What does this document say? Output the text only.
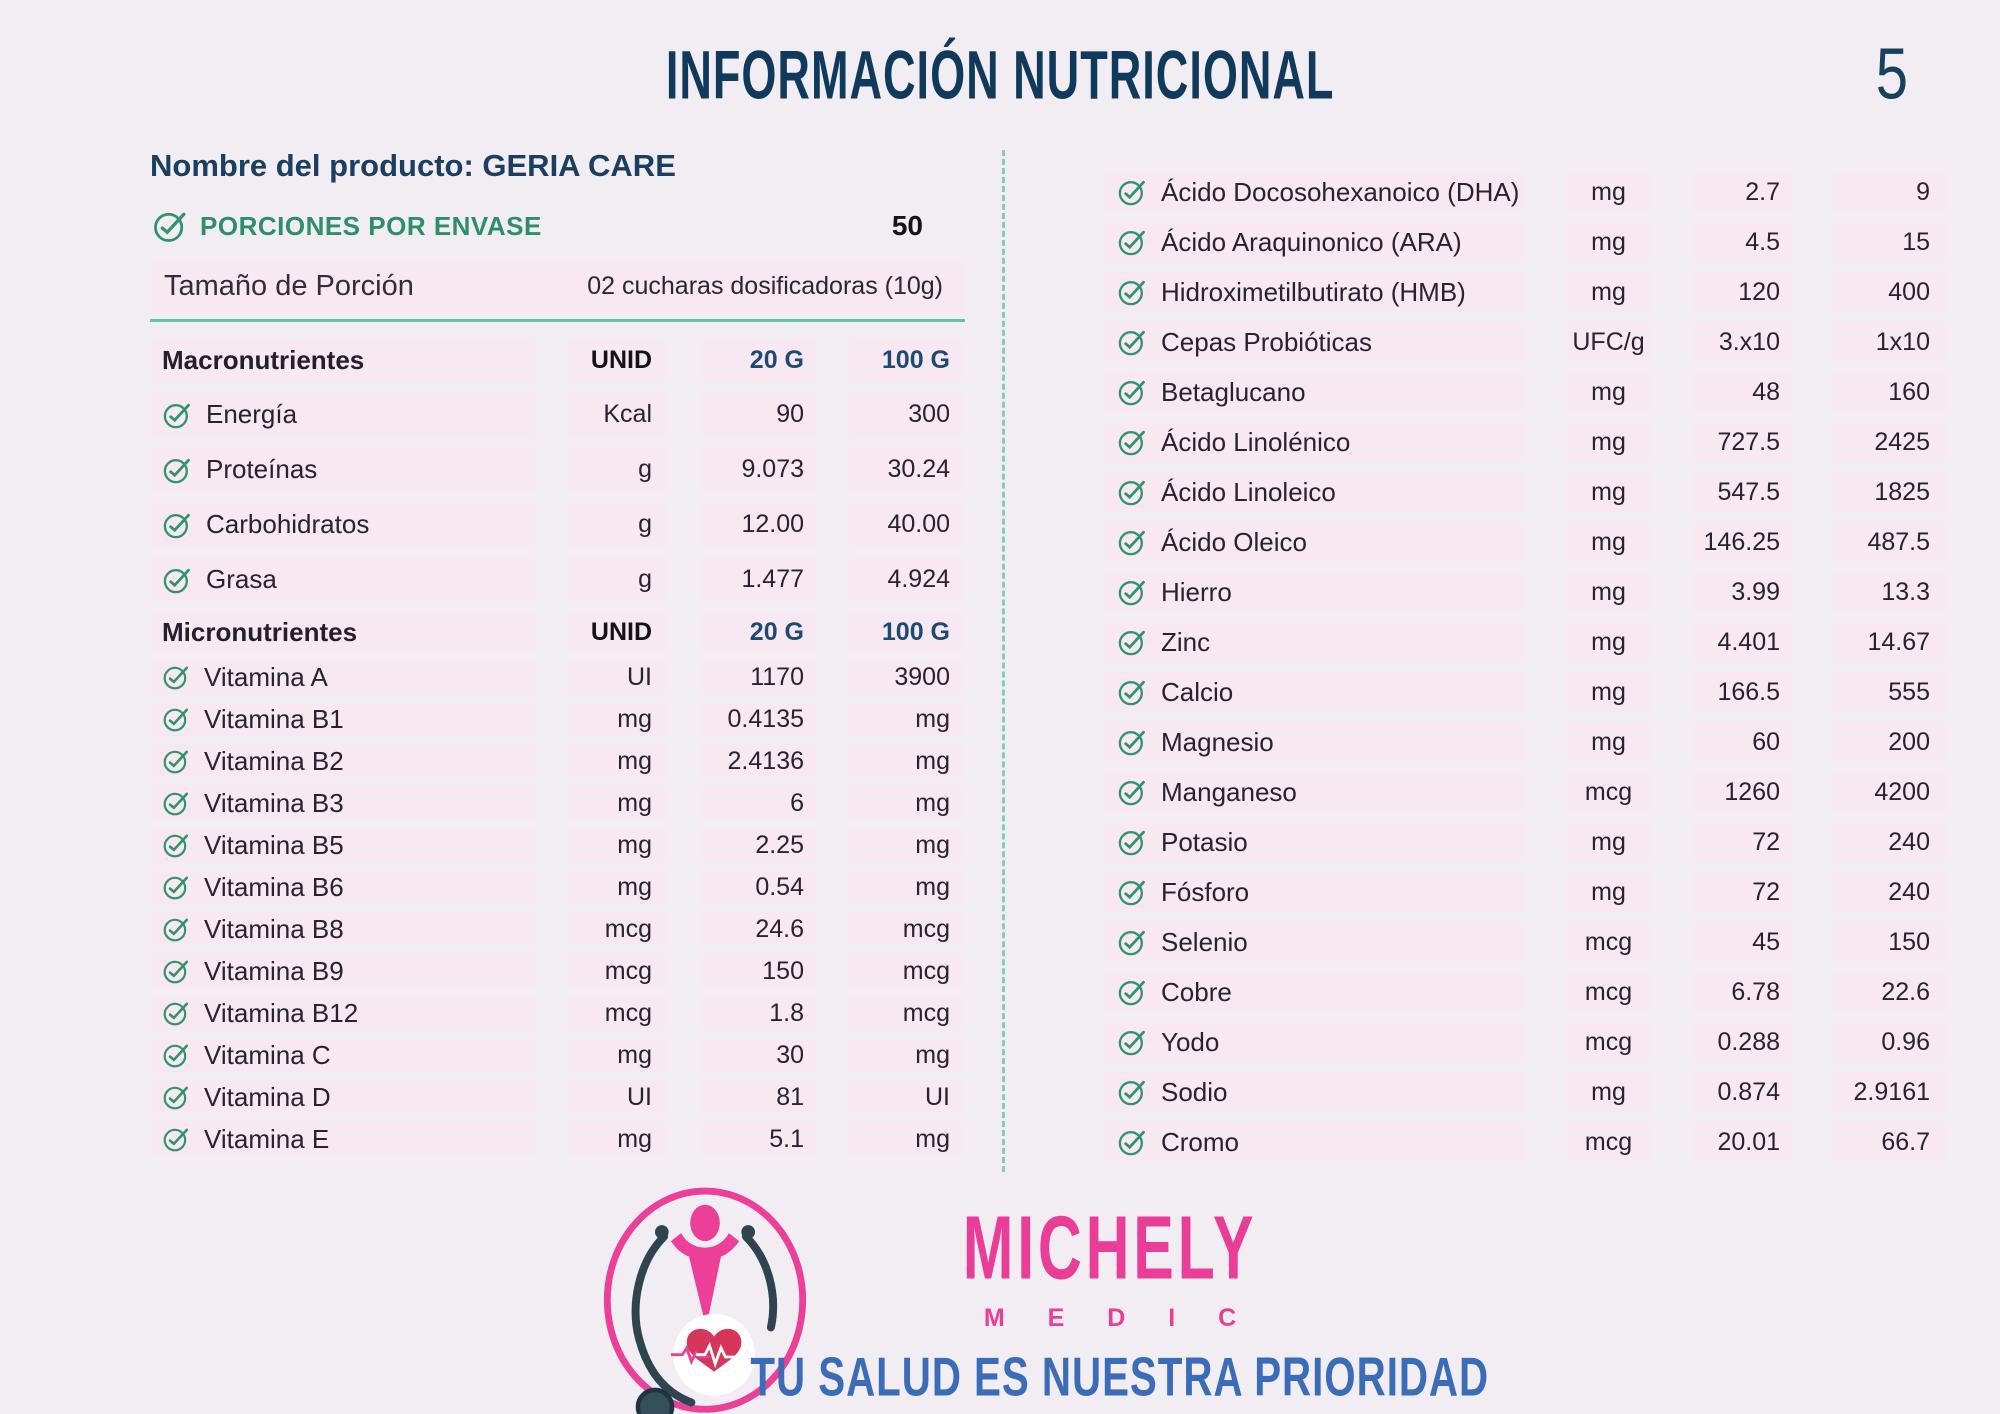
INFORMACIÓN NUTRICIONAL	5
Nombre del producto: GERIA CARE
PORCIONES POR ENVASE	50
Tamaño de Porción	02 cucharas dosificadoras (10g)
Macronutrientes	UNID	20 G	100 G
Energía	Kcal	90	300
Proteínas	g	9.073	30.24
Carbohidratos	g	12.00	40.00
Grasa	g	1.477	4.924
Micronutrientes	UNID	20 G	100 G
Vitamina A	UI	1170	3900
Vitamina B1	mg	0.4135	mg
Vitamina B2	mg	2.4136	mg
Vitamina B3	mg	6	mg
Vitamina B5	mg	2.25	mg
Vitamina B6	mg	0.54	mg
Vitamina B8	mcg	24.6	mcg
Vitamina B9	mcg	150	mcg
Vitamina B12	mcg	1.8	mcg
Vitamina C	mg	30	mg
Vitamina D	UI	81	UI
Vitamina E	mg	5.1	mg
Ácido Docosohexanoico (DHA)	mg	2.7	9
Ácido Araquinonico (ARA)	mg	4.5	15
Hidroximetilbutirato (HMB)	mg	120	400
Cepas Probióticas	UFC/g	3.x10	1x10
Betaglucano	mg	48	160
Ácido Linolénico	mg	727.5	2425
Ácido Linoleico	mg	547.5	1825
Ácido Oleico	mg	146.25	487.5
Hierro	mg	3.99	13.3
Zinc	mg	4.401	14.67
Calcio	mg	166.5	555
Magnesio	mg	60	200
Manganeso	mcg	1260	4200
Potasio	mg	72	240
Fósforo	mg	72	240
Selenio	mcg	45	150
Cobre	mcg	6.78	22.6
Yodo	mcg	0.288	0.96
Sodio	mg	0.874	2.9161
Cromo	mcg	20.01	66.7
MICHELY
M E D I C
TU SALUD ES NUESTRA PRIORIDAD
